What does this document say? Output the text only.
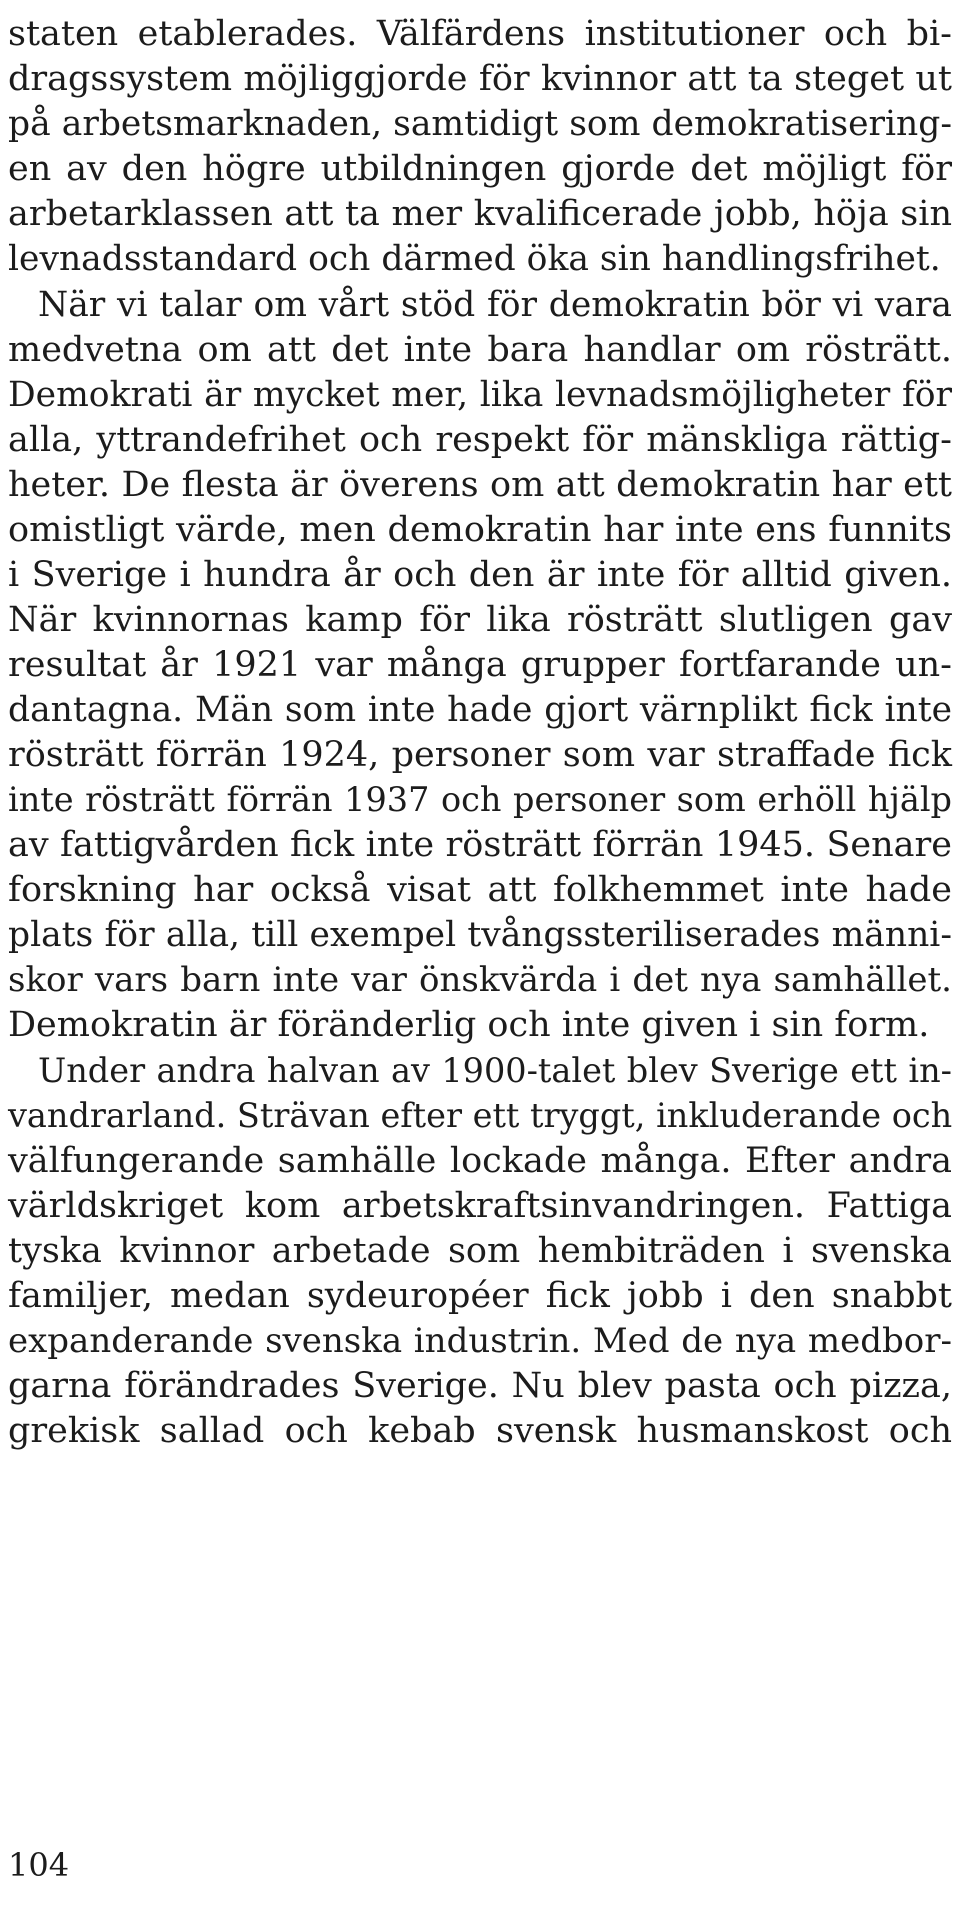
staten etablerades. Välfärdens institutioner och bi-
dragssystem möjliggjorde för kvinnor att ta steget ut
på arbetsmarknaden, samtidigt som demokratisering-
en av den högre utbildningen gjorde det möjligt för
arbetarklassen att ta mer kvalificerade jobb, höja sin
levnadsstandard och därmed öka sin handlingsfrihet.
När vi talar om vårt stöd för demokratin bör vi vara
medvetna om att det inte bara handlar om rösträtt.
Demokrati är mycket mer, lika levnadsmöjligheter för
alla, yttrandefrihet och respekt för mänskliga rättig-
heter. De flesta är överens om att demokratin har ett
omistligt värde, men demokratin har inte ens funnits
i Sverige i hundra år och den är inte för alltid given.
När kvinnornas kamp för lika rösträtt slutligen gav
resultat år 1921 var många grupper fortfarande un-
dantagna. Män som inte hade gjort värnplikt fick inte
rösträtt förrän 1924, personer som var straffade fick
inte rösträtt förrän 1937 och personer som erhöll hjälp
av fattigvården fick inte rösträtt förrän 1945. Senare
forskning har också visat att folkhemmet inte hade
plats för alla, till exempel tvångssteriliserades männi-
skor vars barn inte var önskvärda i det nya samhället.
Demokratin är föränderlig och inte given i sin form.
Under andra halvan av 1900-talet blev Sverige ett in-
vandrarland. Strävan efter ett tryggt, inkluderande och
välfungerande samhälle lockade många. Efter andra
världskriget kom arbetskraftsinvandringen. Fattiga
tyska kvinnor arbetade som hembiträden i svenska
familjer, medan sydeuropéer fick jobb i den snabbt
expanderande svenska industrin. Med de nya medbor-
garna förändrades Sverige. Nu blev pasta och pizza,
grekisk sallad och kebab svensk husmanskost och
104
